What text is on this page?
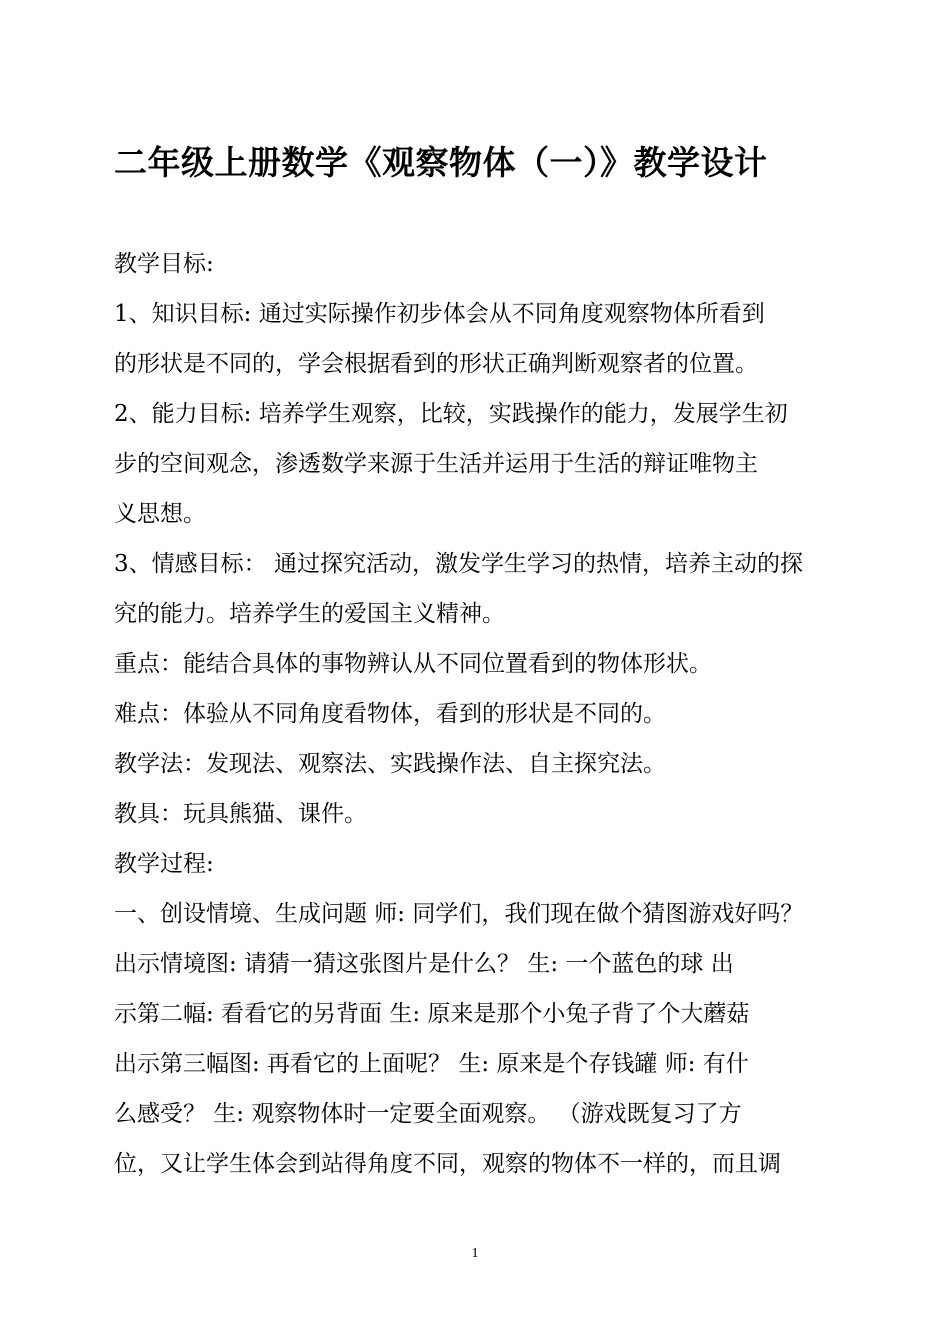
二年级上册数学《观察物体（一）》教学设计
教学目标:
1、知识目标: 通过实际操作初步体会从不同角度观察物体所看到
的形状是不同的，学会根据看到的形状正确判断观察者的位置。
2、能力目标: 培养学生观察，比较，实践操作的能力，发展学生初
步的空间观念，渗透数学来源于生活并运用于生活的辩证唯物主
义思想。
3、情感目标： 通过探究活动，激发学生学习的热情，培养主动的探
究的能力。培养学生的爱国主义精神。
重点：能结合具体的事物辨认从不同位置看到的物体形状。
难点：体验从不同角度看物体，看到的形状是不同的。
教学法：发现法、观察法、实践操作法、自主探究法。
教具：玩具熊猫、课件。
教学过程:
一、创设情境、生成问题 师: 同学们，我们现在做个猜图游戏好吗？
出示情境图: 请猜一猜这张图片是什么？ 生: 一个蓝色的球 出
示第二幅: 看看它的另背面 生: 原来是那个小兔子背了个大蘑菇
出示第三幅图: 再看它的上面呢？ 生: 原来是个存钱罐 师: 有什
么感受？ 生: 观察物体时一定要全面观察。 （游戏既复习了方
位，又让学生体会到站得角度不同，观察的物体不一样的，而且调
1
